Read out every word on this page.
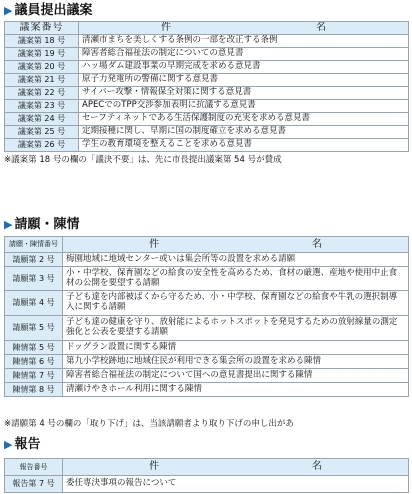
▶ 議員提出議案
議案番号	件 名
議案第 18 号	清瀬市まちを美しくする条例の一部を改正する条例
議案第 19 号	障害者総合福祉法の制定についての意見書
議案第 20 号	ハッ場ダム建設事業の早期完成を求める意見書
議案第 21 号	原子力発電所の警備に関する意見書
議案第 22 号	サイバー攻撃・情報保全対策に関する意見書
議案第 23 号	APECでのTPP交渉参加表明に抗議する意見書
議案第 24 号	セーフティネットである生活保護制度の充実を求める意見書
議案第 25 号	定期接種に関し、早期に国の制度確立を求める意見書
議案第 26 号	学生の教育環境を整えることを求める意見書
※議案第 18 号の欄の「議決不要」は、先に市長提出議案第 54 号が賛成
▶ 請願・陳情
請願・陳情番号	件 名
請願第 2 号	梅園地域に地域センター或いは集会所等の設置を求める請願
請願第 3 号	小・中学校、保育園などの給食の安全性を高めるため、食材の厳選、産地や使用中止食材の公開を要望する請願
請願第 4 号	子ども達を内部被ばくから守るため、小・中学校、保育園などの給食や牛乳の選択制導入に関する請願
請願第 5 号	子ども達の健康を守り、放射能によるホットスポットを発見するための放射線量の測定強化と公表を要望する請願
陳情第 5 号	ドッグラン設置に関する陳情
陳情第 6 号	第九小学校跡地に地域住民が利用できる集会所の設置を求める陳情
陳情第 7 号	障害者総合福祉法の制定について国への意見書提出に関する陳情
陳情第 8 号	清瀬けやきホール利用に関する陳情
※請願第 4 号の欄の「取り下げ」は、当該請願者より取り下げの申し出があ
▶ 報告
報告番号	件 名
報告第 7 号	委任専決事項の報告について
